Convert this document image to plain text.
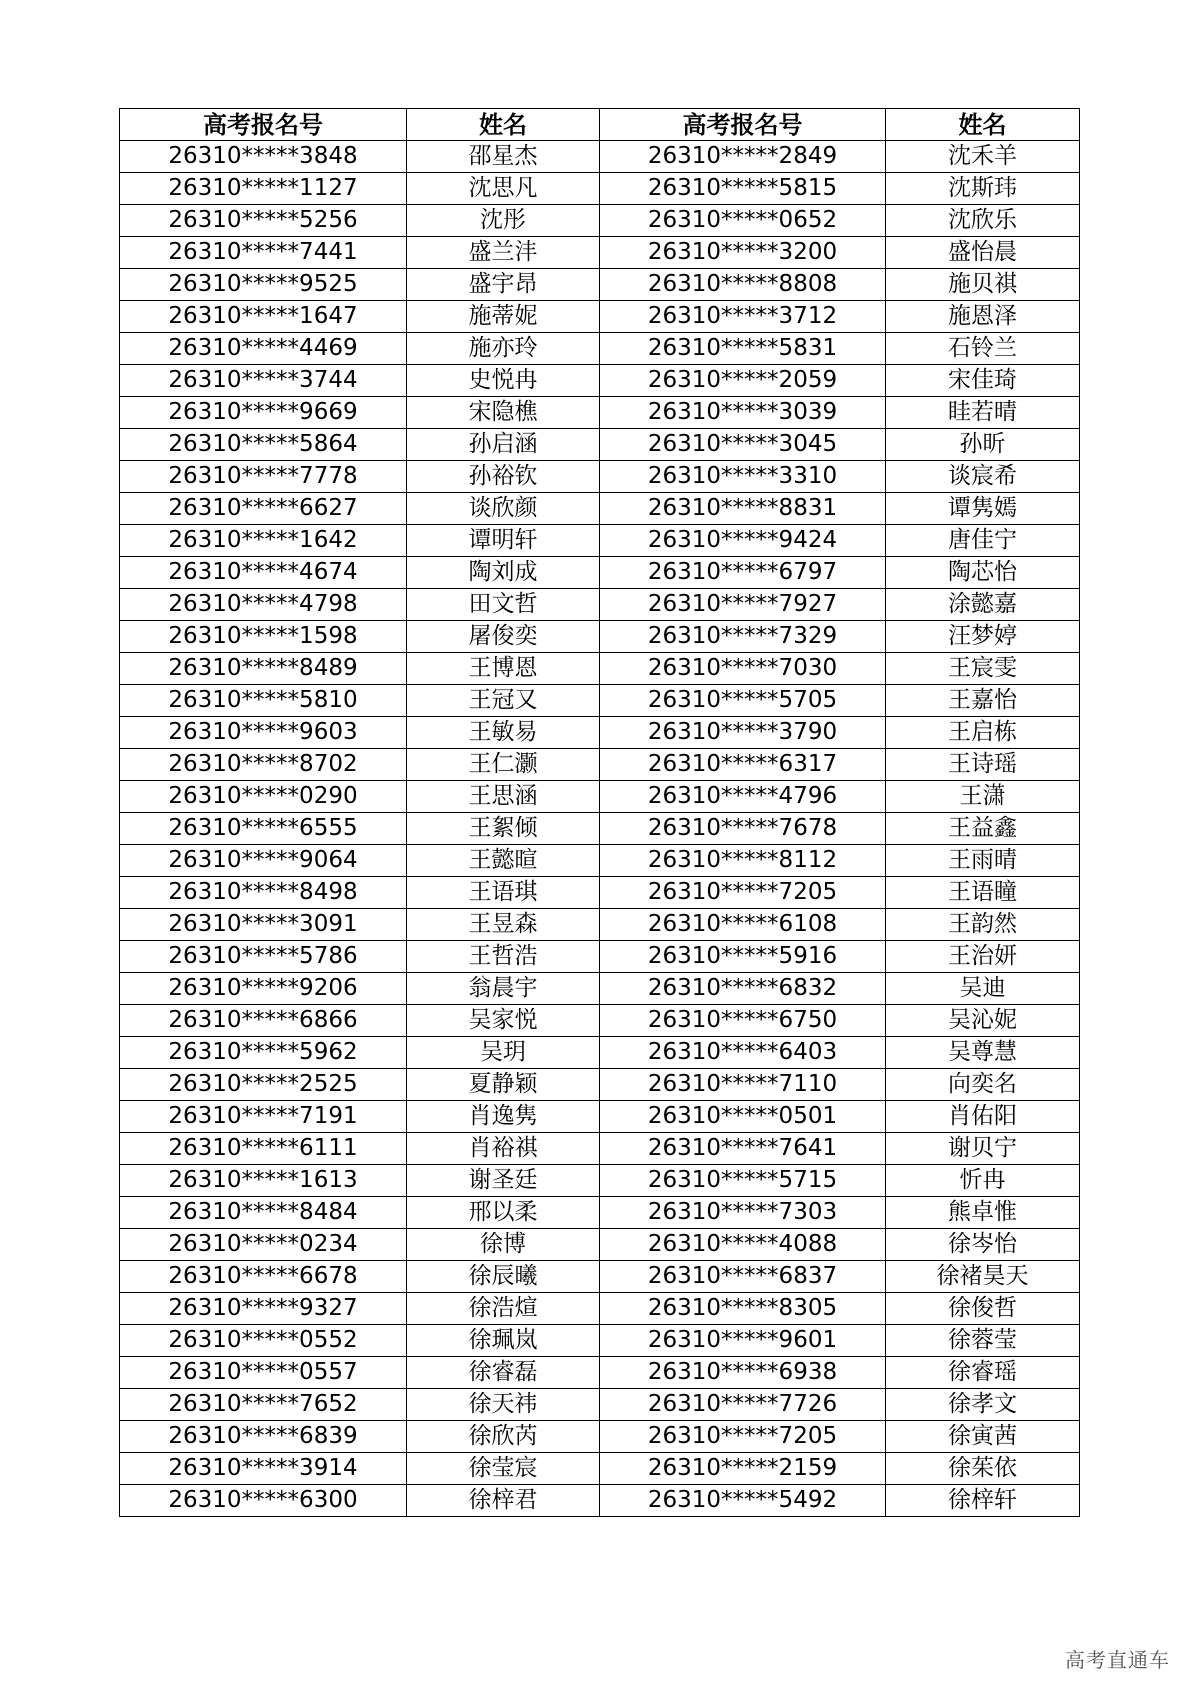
高考报名号	姓名	高考报名号	姓名
26310*****3848	邵星杰	26310*****2849	沈禾羊
26310*****1127	沈思凡	26310*****5815	沈斯玮
26310*****5256	沈彤	26310*****0652	沈欣乐
26310*****7441	盛兰沣	26310*****3200	盛怡晨
26310*****9525	盛宇昂	26310*****8808	施贝祺
26310*****1647	施蒂妮	26310*****3712	施恩泽
26310*****4469	施亦玲	26310*****5831	石铃兰
26310*****3744	史悦冉	26310*****2059	宋佳琦
26310*****9669	宋隐樵	26310*****3039	眭若晴
26310*****5864	孙启涵	26310*****3045	孙昕
26310*****7778	孙裕钦	26310*****3310	谈宸希
26310*****6627	谈欣颜	26310*****8831	谭隽嫣
26310*****1642	谭明轩	26310*****9424	唐佳宁
26310*****4674	陶刘成	26310*****6797	陶芯怡
26310*****4798	田文哲	26310*****7927	涂懿嘉
26310*****1598	屠俊奕	26310*****7329	汪梦婷
26310*****8489	王博恩	26310*****7030	王宸雯
26310*****5810	王冠又	26310*****5705	王嘉怡
26310*****9603	王敏易	26310*****3790	王启栋
26310*****8702	王仁灏	26310*****6317	王诗瑶
26310*****0290	王思涵	26310*****4796	王潇
26310*****6555	王絮倾	26310*****7678	王益鑫
26310*****9064	王懿暄	26310*****8112	王雨晴
26310*****8498	王语琪	26310*****7205	王语瞳
26310*****3091	王昱森	26310*****6108	王韵然
26310*****5786	王哲浩	26310*****5916	王治妍
26310*****9206	翁晨宇	26310*****6832	吴迪
26310*****6866	吴家悦	26310*****6750	吴沁妮
26310*****5962	吴玥	26310*****6403	吴尊慧
26310*****2525	夏静颖	26310*****7110	向奕名
26310*****7191	肖逸隽	26310*****0501	肖佑阳
26310*****6111	肖裕祺	26310*****7641	谢贝宁
26310*****1613	谢圣廷	26310*****5715	忻冉
26310*****8484	邢以柔	26310*****7303	熊卓惟
26310*****0234	徐博	26310*****4088	徐岑怡
26310*****6678	徐辰曦	26310*****6837	徐褚昊天
26310*****9327	徐浩煊	26310*****8305	徐俊哲
26310*****0552	徐珮岚	26310*****9601	徐蓉莹
26310*****0557	徐睿磊	26310*****6938	徐睿瑶
26310*****7652	徐天祎	26310*****7726	徐孝文
26310*****6839	徐欣芮	26310*****7205	徐寅茜
26310*****3914	徐莹宸	26310*****2159	徐茱依
26310*****6300	徐梓君	26310*****5492	徐梓轩
高考直通车
